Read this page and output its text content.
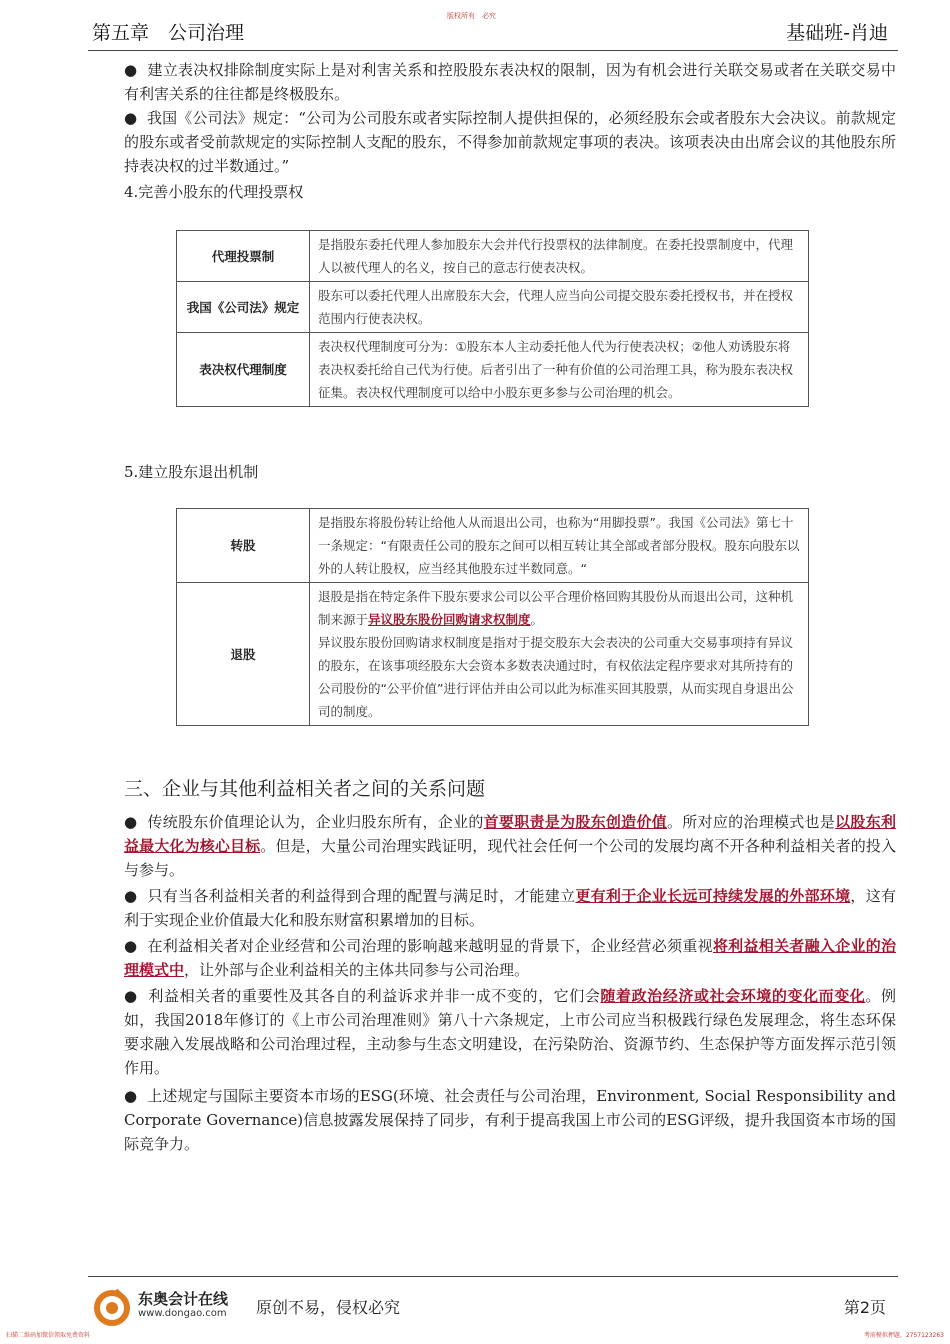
第五章　公司治理
版权所有　必究
基础班-肖迪
● 建立表决权排除制度实际上是对利害关系和控股股东表决权的限制，因为有机会进行关联交易或者在关联交易中有利害关系的往往都是终极股东。
● 我国《公司法》规定：“公司为公司股东或者实际控制人提供担保的，必须经股东会或者股东大会决议。前款规定的股东或者受前款规定的实际控制人支配的股东，不得参加前款规定事项的表决。该项表决由出席会议的其他股东所持表决权的过半数通过。”
4.完善小股东的代理投票权
代理投票制	是指股东委托代理人参加股东大会并代行投票权的法律制度。在委托投票制度中，代理人以被代理人的名义，按自己的意志行使表决权。
我国《公司法》规定	股东可以委托代理人出席股东大会，代理人应当向公司提交股东委托授权书，并在授权范围内行使表决权。
表决权代理制度	表决权代理制度可分为：①股东本人主动委托他人代为行使表决权；②他人劝诱股东将表决权委托给自己代为行使。后者引出了一种有价值的公司治理工具，称为股东表决权征集。表决权代理制度可以给中小股东更多参与公司治理的机会。
5.建立股东退出机制
转股	是指股东将股份转让给他人从而退出公司，也称为“用脚投票”。我国《公司法》第七十一条规定：“有限责任公司的股东之间可以相互转让其全部或者部分股权。股东向股东以外的人转让股权，应当经其他股东过半数同意。“
退股	退股是指在特定条件下股东要求公司以公平合理价格回购其股份从而退出公司，这种机制来源于异议股东股份回购请求权制度。
异议股东股份回购请求权制度是指对于提交股东大会表决的公司重大交易事项持有异议的股东，在该事项经股东大会资本多数表决通过时，有权依法定程序要求对其所持有的公司股份的“公平价值”进行评估并由公司以此为标准买回其股票，从而实现自身退出公司的制度。
三、企业与其他利益相关者之间的关系问题
● 传统股东价值理论认为，企业归股东所有，企业的首要职责是为股东创造价值。所对应的治理模式也是以股东利益最大化为核心目标。但是，大量公司治理实践证明，现代社会任何一个公司的发展均离不开各种利益相关者的投入与参与。
● 只有当各利益相关者的利益得到合理的配置与满足时，才能建立更有利于企业长远可持续发展的外部环境，这有利于实现企业价值最大化和股东财富积累增加的目标。
● 在利益相关者对企业经营和公司治理的影响越来越明显的背景下，企业经营必须重视将利益相关者融入企业的治理模式中，让外部与企业利益相关的主体共同参与公司治理。
● 利益相关者的重要性及其各自的利益诉求并非一成不变的，它们会随着政治经济或社会环境的变化而变化。例如，我国2018年修订的《上市公司治理准则》第八十六条规定，上市公司应当积极践行绿色发展理念，将生态环保要求融入发展战略和公司治理过程，主动参与生态文明建设，在污染防治、资源节约、生态保护等方面发挥示范引领作用。
● 上述规定与国际主要资本市场的ESG(环境、社会责任与公司治理，Environment, Social Responsibility and Corporate Governance)信息披露发展保持了同步，有利于提高我国上市公司的ESG评级，提升我国资本市场的国际竞争力。
东奥会计在线
www.dongao.com 原创不易，侵权必究	第2页
扫描二维码加微信领取免费资料	考前模拟押题，2757123263
